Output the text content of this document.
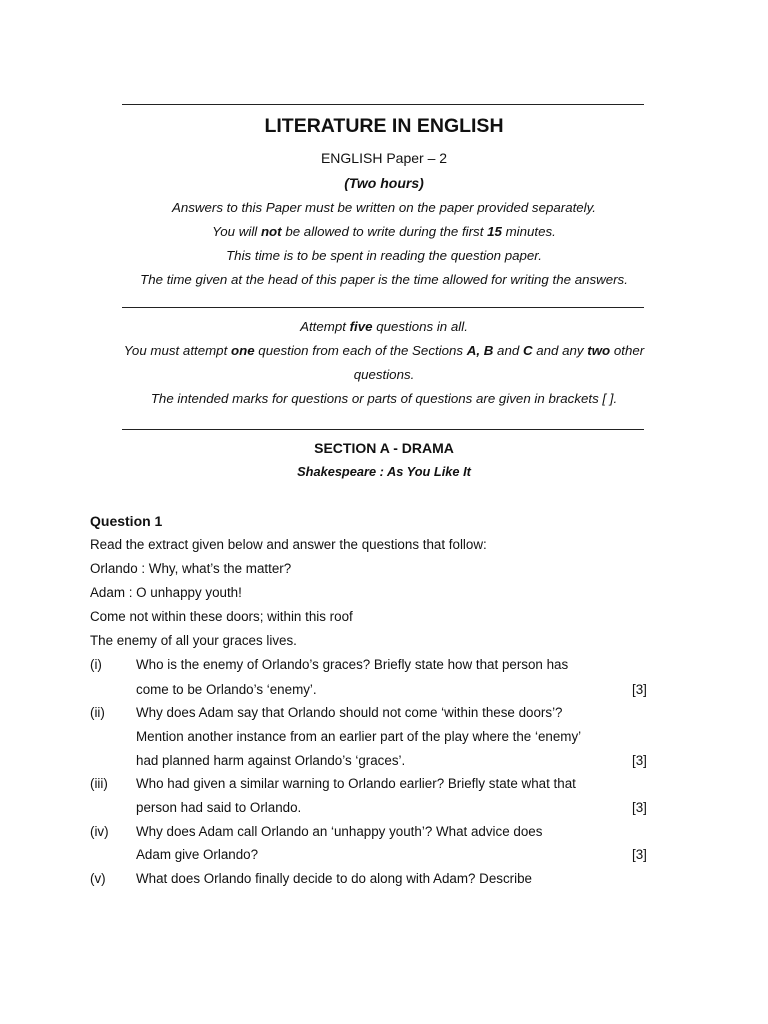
LITERATURE IN ENGLISH
ENGLISH Paper – 2
(Two hours)
Answers to this Paper must be written on the paper provided separately.
You will not be allowed to write during the first 15 minutes.
This time is to be spent in reading the question paper.
The time given at the head of this paper is the time allowed for writing the answers.
Attempt five questions in all.
You must attempt one question from each of the Sections A, B and C and any two other
questions.
The intended marks for questions or parts of questions are given in brackets [ ].
SECTION A - DRAMA
Shakespeare : As You Like It
Question 1
Read the extract given below and answer the questions that follow:
Orlando : Why, what’s the matter?
Adam : O unhappy youth!
Come not within these doors; within this roof
The enemy of all your graces lives.
(i)	Who is the enemy of Orlando’s graces? Briefly state how that person has
come to be Orlando’s ‘enemy’.	[3]
(ii) Why does Adam say that Orlando should not come ‘within these doors’?
Mention another instance from an earlier part of the play where the ‘enemy’
had planned harm against Orlando’s ‘graces’.	[3]
(iii) Who had given a similar warning to Orlando earlier? Briefly state what that
person had said to Orlando.	[3]
(iv) Why does Adam call Orlando an ‘unhappy youth’? What advice does
Adam give Orlando?	[3]
(v) What does Orlando finally decide to do along with Adam? Describe
